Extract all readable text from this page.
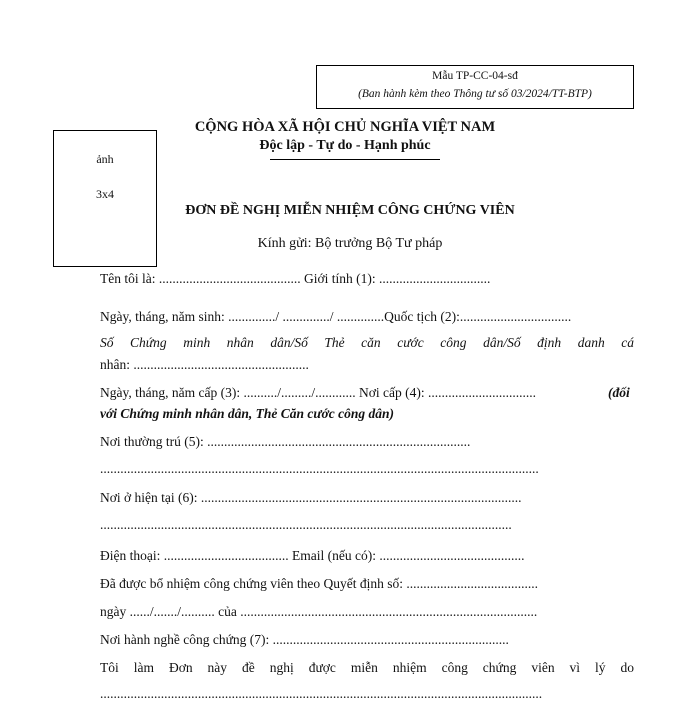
Mẫu TP-CC-04-sđ
(Ban hành kèm theo Thông tư số 03/2024/TT-BTP)
ảnh
3x4
CỘNG HÒA XÃ HỘI CHỦ NGHĨA VIỆT NAM
Độc lập - Tự do - Hạnh phúc
ĐƠN ĐỀ NGHỊ MIỄN NHIỆM CÔNG CHỨNG VIÊN
Kính gửi: Bộ trưởng Bộ Tư pháp
Tên tôi là: .......................................... Giới tính (1): .................................
Ngày, tháng, năm sinh: ............../ ............../ ..............Quốc tịch (2):.................................
Số Chứng minh nhân dân/Số Thẻ căn cước công dân/Số định danh cá
nhân: ....................................................
Ngày, tháng, năm cấp (3): ........../........./............ Nơi cấp (4): ................................	(đối
với Chứng minh nhân dân, Thẻ Căn cước công dân)
Nơi thường trú (5): ..............................................................................
..................................................................................................................................
Nơi ở hiện tại (6): ...............................................................................................
..........................................................................................................................
Điện thoại: ..................................... Email (nếu có): ...........................................
Đã được bổ nhiệm công chứng viên theo Quyết định số: .......................................
ngày ....../......./.......... của ........................................................................................
Nơi hành nghề công chứng (7): ......................................................................
Tôi làm Đơn này đề nghị được miễn nhiệm công chứng viên vì lý do
...................................................................................................................................
